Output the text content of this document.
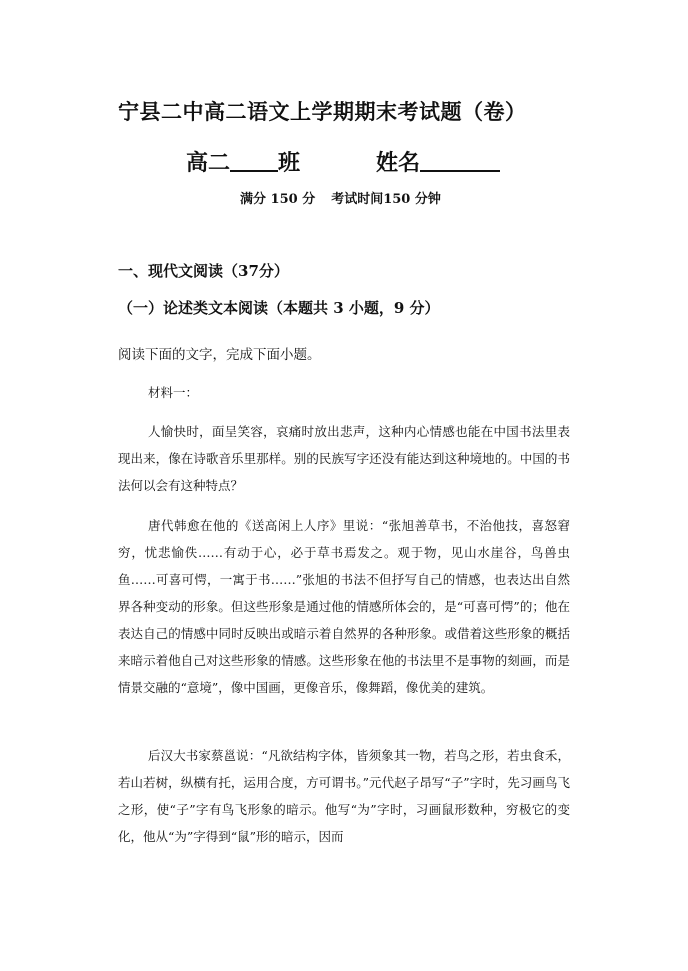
宁县二中高二语文上学期期末考试题（卷）
高二 班	姓名
满分 150 分 考试时间150 分钟
一、现代文阅读（37分）
（一）论述类文本阅读（本题共 3 小题，9 分）
阅读下面的文字，完成下面小题。
材料一：
人愉快时，面呈笑容，哀痛时放出悲声，这种内心情感也能在中国书法里表现出来，像在诗歌音乐里那样。别的民族写字还没有能达到这种境地的。中国的书法何以会有这种特点？
唐代韩愈在他的《送高闲上人序》里说：“张旭善草书，不治他技，喜怒窘穷，忧悲愉佚……有动于心，必于草书焉发之。观于物，见山水崖谷，鸟兽虫鱼……可喜可愕，一寓于书……”张旭的书法不但抒写自己的情感，也表达出自然界各种变动的形象。但这些形象是通过他的情感所体会的，是“可喜可愕”的；他在表达自己的情感中同时反映出或暗示着自然界的各种形象。或借着这些形象的概括来暗示着他自己对这些形象的情感。这些形象在他的书法里不是事物的刻画，而是情景交融的“意境”，像中国画，更像音乐，像舞蹈，像优美的建筑。
后汉大书家蔡邕说：“凡欲结构字体，皆须象其一物，若鸟之形，若虫食禾，若山若树，纵横有托，运用合度，方可谓书。”元代赵子昂写“子”字时，先习画鸟飞之形，使“子”字有鸟飞形象的暗示。他写“为”字时，习画鼠形数种，穷极它的变化，他从“为”字得到“鼠”形的暗示，因而
